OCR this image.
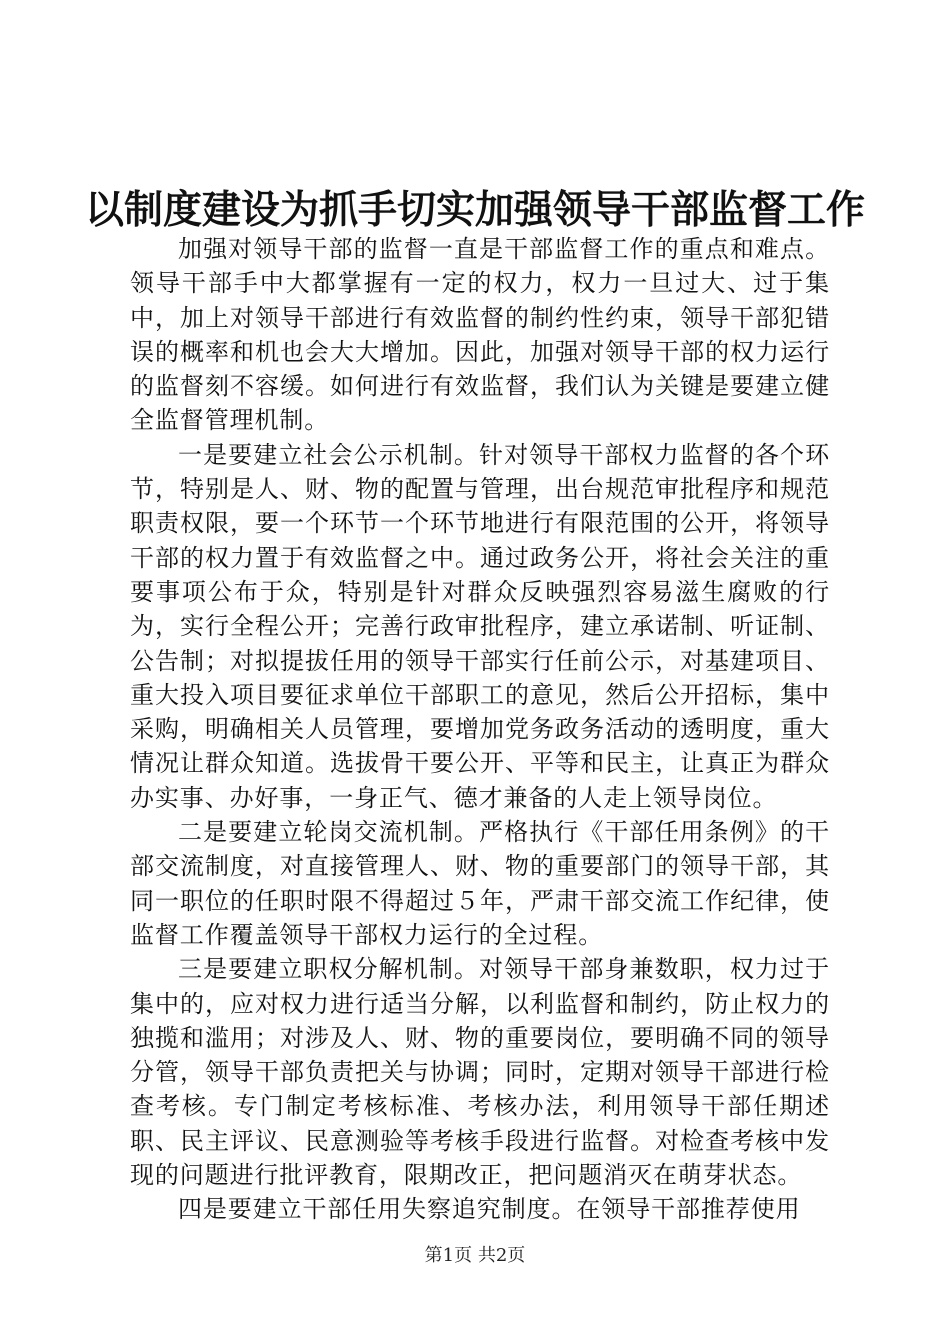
以制度建设为抓手切实加强领导干部监督工作

加强对领导干部的监督一直是干部监督工作的重点和难点。领导干部手中大都掌握有一定的权力，权力一旦过大、过于集中，加上对领导干部进行有效监督的制约性约束，领导干部犯错误的概率和机也会大大增加。因此，加强对领导干部的权力运行的监督刻不容缓。如何进行有效监督，我们认为关键是要建立健全监督管理机制。

一是要建立社会公示机制。针对领导干部权力监督的各个环节，特别是人、财、物的配置与管理，出台规范审批程序和规范职责权限，要一个环节一个环节地进行有限范围的公开，将领导干部的权力置于有效监督之中。通过政务公开，将社会关注的重要事项公布于众，特别是针对群众反映强烈容易滋生腐败的行为，实行全程公开；完善行政审批程序，建立承诺制、听证制、公告制；对拟提拔任用的领导干部实行任前公示，对基建项目、重大投入项目要征求单位干部职工的意见，然后公开招标，集中采购，明确相关人员管理，要增加党务政务活动的透明度，重大情况让群众知道。选拔骨干要公开、平等和民主，让真正为群众办实事、办好事，一身正气、德才兼备的人走上领导岗位。

二是要建立轮岗交流机制。严格执行《干部任用条例》的干部交流制度，对直接管理人、财、物的重要部门的领导干部，其同一职位的任职时限不得超过５年，严肃干部交流工作纪律，使监督工作覆盖领导干部权力运行的全过程。

三是要建立职权分解机制。对领导干部身兼数职，权力过于集中的，应对权力进行适当分解，以利监督和制约，防止权力的独揽和滥用；对涉及人、财、物的重要岗位，要明确不同的领导分管，领导干部负责把关与协调；同时，定期对领导干部进行检查考核。专门制定考核标准、考核办法，利用领导干部任期述职、民主评议、民意测验等考核手段进行监督。对检查考核中发现的问题进行批评教育，限期改正，把问题消灭在萌芽状态。

四是要建立干部任用失察追究制度。在领导干部推荐使用

第1页 共2页
